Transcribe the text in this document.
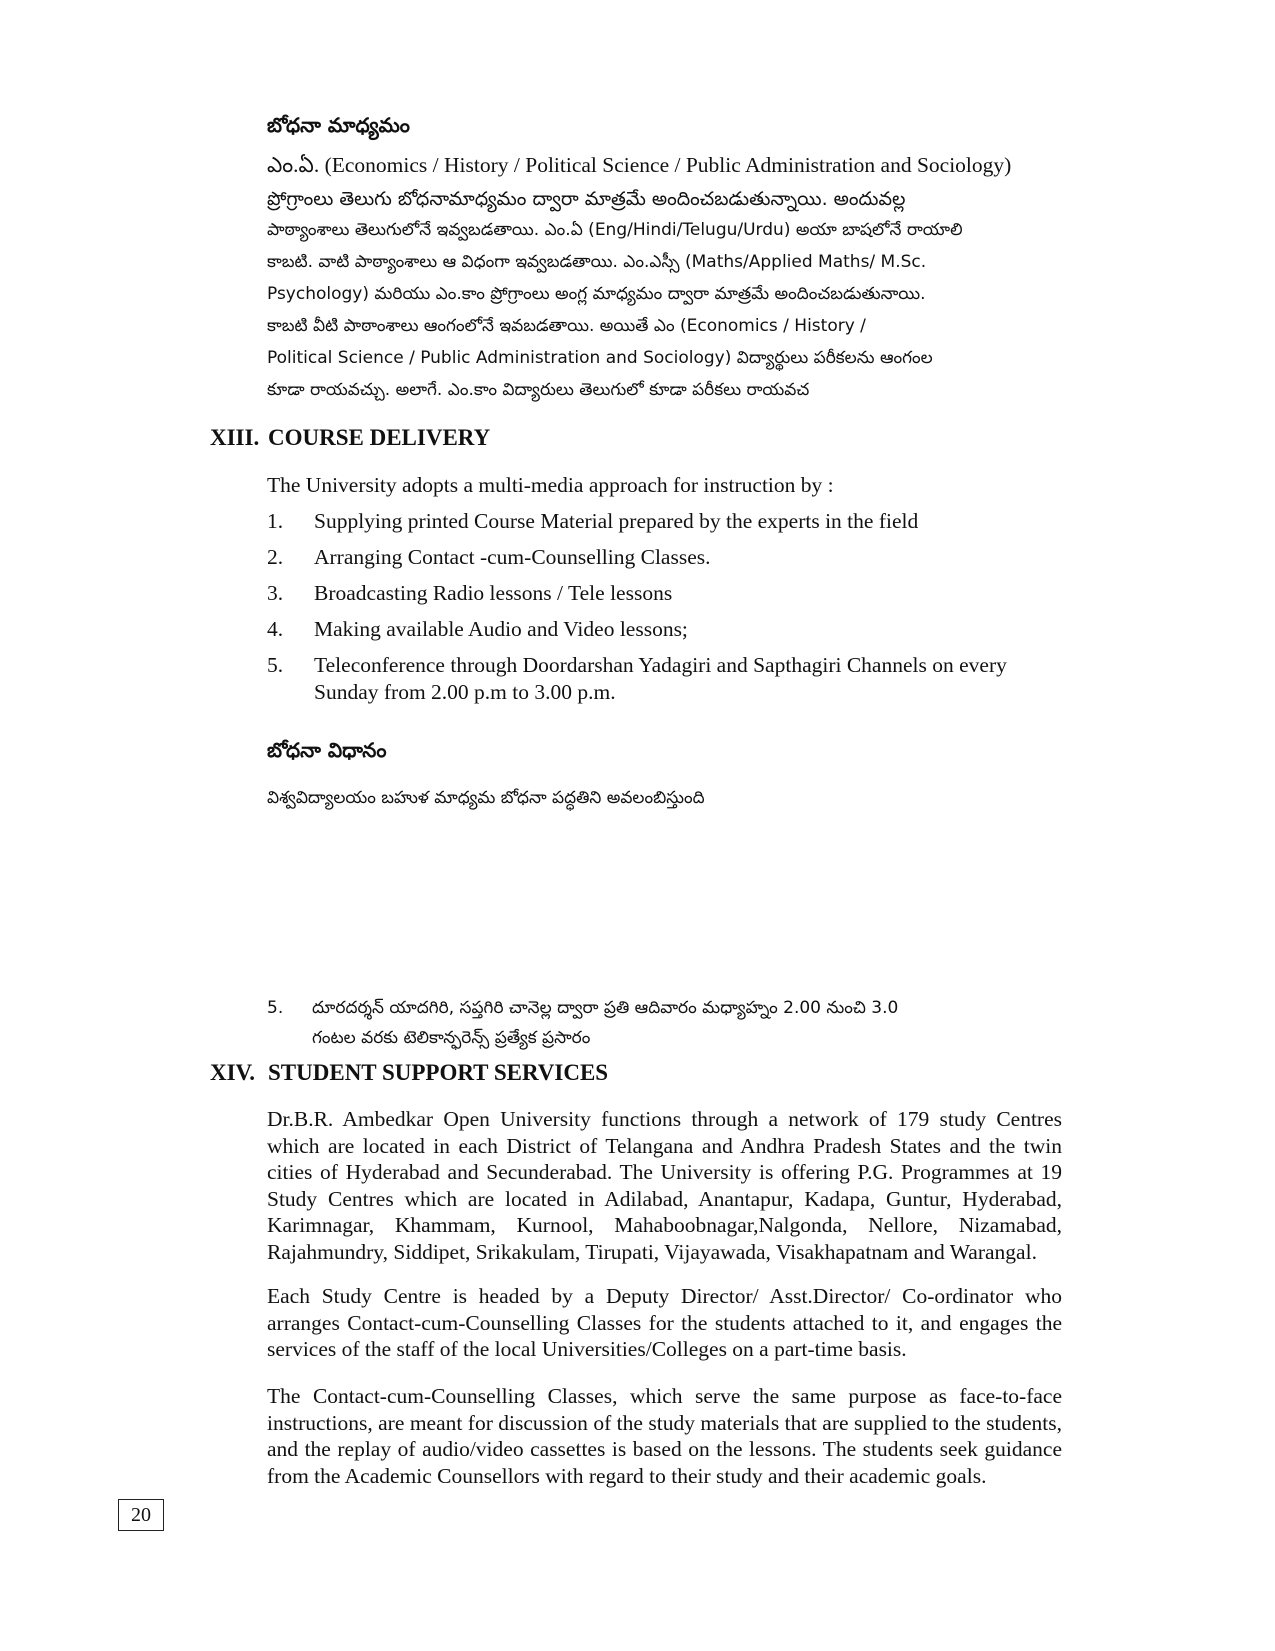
బోధనా మాధ్యమం
ఎం.ఏ. (Economics / History / Political Science / Public Administration and Sociology)
ప్రోగ్రాంలు తెలుగు బోధనామాధ్యమం ద్వారా మాత్రమే అందించబడుతున్నాయి. అందువల్ల
పాఠ్యాంశాలు తెలుగులోనే ఇవ్వబడతాయి. ఎం.ఏ (Eng/Hindi/Telugu/Urdu) అయా బాషలోనే రాయాలి
కాబటి. వాటి పాఠ్యాంశాలు ఆ విధంగా ఇవ్వబడతాయి. ఎం.ఎస్సీ (Maths/Applied Maths/ M.Sc.
Psychology) మరియు ఎం.కాం ప్రోగ్రాంలు అంగ్ల మాధ్యమం ద్వారా మాత్రమే అందించబడుతునాయి.
కాబటి వీటి పాఠాంశాలు ఆంగంలోనే ఇవబడతాయి. అయితే ఎం (Economics / History /
Political Science / Public Administration and Sociology) విద్యార్థులు పరీకలను ఆంగంల
కూడా రాయవచ్చు. అలాగే. ఎం.కాం విద్యారులు తెలుగులో కూడా పరీకలు రాయవచ
XIII. COURSE DELIVERY
The University adopts a multi-media approach for instruction by :
1. Supplying printed Course Material prepared by the experts in the field
2. Arranging Contact -cum-Counselling Classes.
3. Broadcasting Radio lessons / Tele lessons
4. Making available Audio and Video lessons;
5. Teleconference through Doordarshan Yadagiri and Sapthagiri Channels on every Sunday from 2.00 p.m to 3.00 p.m.
బోధనా విధానం
విశ్వవిద్యాలయం బహుళ మాధ్యమ బోధనా పద్ధతిని అవలంబిస్తుంది
5. దూరదర్శన్ యాదగిరి, సప్తగిరి చానెల్ల ద్వారా ప్రతి ఆదివారం మధ్యాహ్నం 2.00 నుంచి 3.0
గంటల వరకు టెలికాన్ఫరెన్స్ ప్రత్యేక ప్రసారం
XIV. STUDENT SUPPORT SERVICES
Dr.B.R. Ambedkar Open University functions through a network of 179 study Centres which are located in each District of Telangana and Andhra Pradesh States and the twin cities of Hyderabad and Secunderabad. The University is offering P.G. Programmes at 19 Study Centres which are located in Adilabad, Anantapur, Kadapa, Guntur, Hyderabad, Karimnagar, Khammam, Kurnool, Mahaboobnagar,Nalgonda, Nellore, Nizamabad, Rajahmundry, Siddipet, Srikakulam, Tirupati, Vijayawada, Visakhapatnam and Warangal.
Each Study Centre is headed by a Deputy Director/ Asst.Director/ Co-ordinator who arranges Contact-cum-Counselling Classes for the students attached to it, and engages the services of the staff of the local Universities/Colleges on a part-time basis.
The Contact-cum-Counselling Classes, which serve the same purpose as face-to-face instructions, are meant for discussion of the study materials that are supplied to the students, and the replay of audio/video cassettes is based on the lessons. The students seek guidance from the Academic Counsellors with regard to their study and their academic goals.
20
